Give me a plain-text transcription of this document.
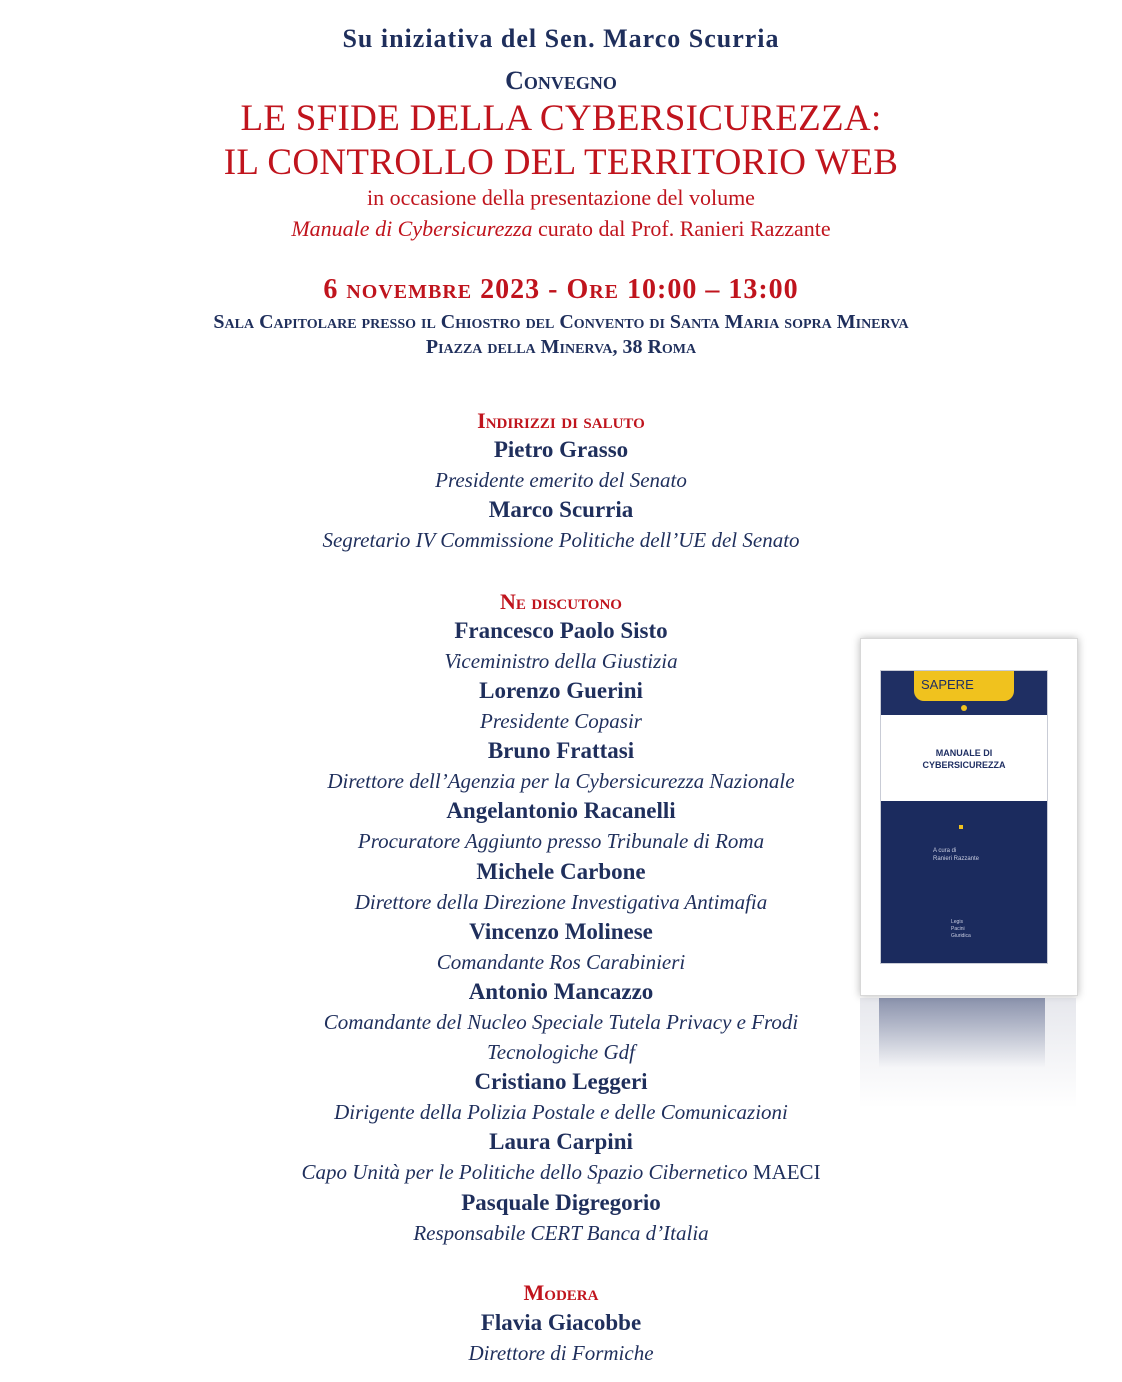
Su iniziativa del Sen. Marco Scurria
Convegno
LE SFIDE DELLA CYBERSICUREZZA:
IL CONTROLLO DEL TERRITORIO WEB
in occasione della presentazione del volume
Manuale di Cybersicurezza curato dal Prof. Ranieri Razzante
6 novembre 2023 - Ore 10:00 – 13:00
Sala Capitolare presso il Chiostro del Convento di Santa Maria sopra Minerva
Piazza della Minerva, 38 Roma
Indirizzi di saluto
Pietro Grasso
Presidente emerito del Senato
Marco Scurria
Segretario IV Commissione Politiche dell’UE del Senato
Ne discutono
Francesco Paolo Sisto
Viceministro della Giustizia
Lorenzo Guerini
Presidente Copasir
Bruno Frattasi
Direttore dell’Agenzia per la Cybersicurezza Nazionale
Angelantonio Racanelli
Procuratore Aggiunto presso Tribunale di Roma
Michele Carbone
Direttore della Direzione Investigativa Antimafia
Vincenzo Molinese
Comandante Ros Carabinieri
Antonio Mancazzo
Comandante del Nucleo Speciale Tutela Privacy e Frodi
Tecnologiche Gdf
Cristiano Leggeri
Dirigente della Polizia Postale e delle Comunicazioni
Laura Carpini
Capo Unità per le Politiche dello Spazio Cibernetico MAECI
Pasquale Digregorio
Responsabile CERT Banca d’Italia
Modera
Flavia Giacobbe
Direttore di Formiche
SAPERE
MANUALE DI
CYBERSICUREZZA
A cura di
Ranieri Razzante
Legis
Pacini
Giuridica
